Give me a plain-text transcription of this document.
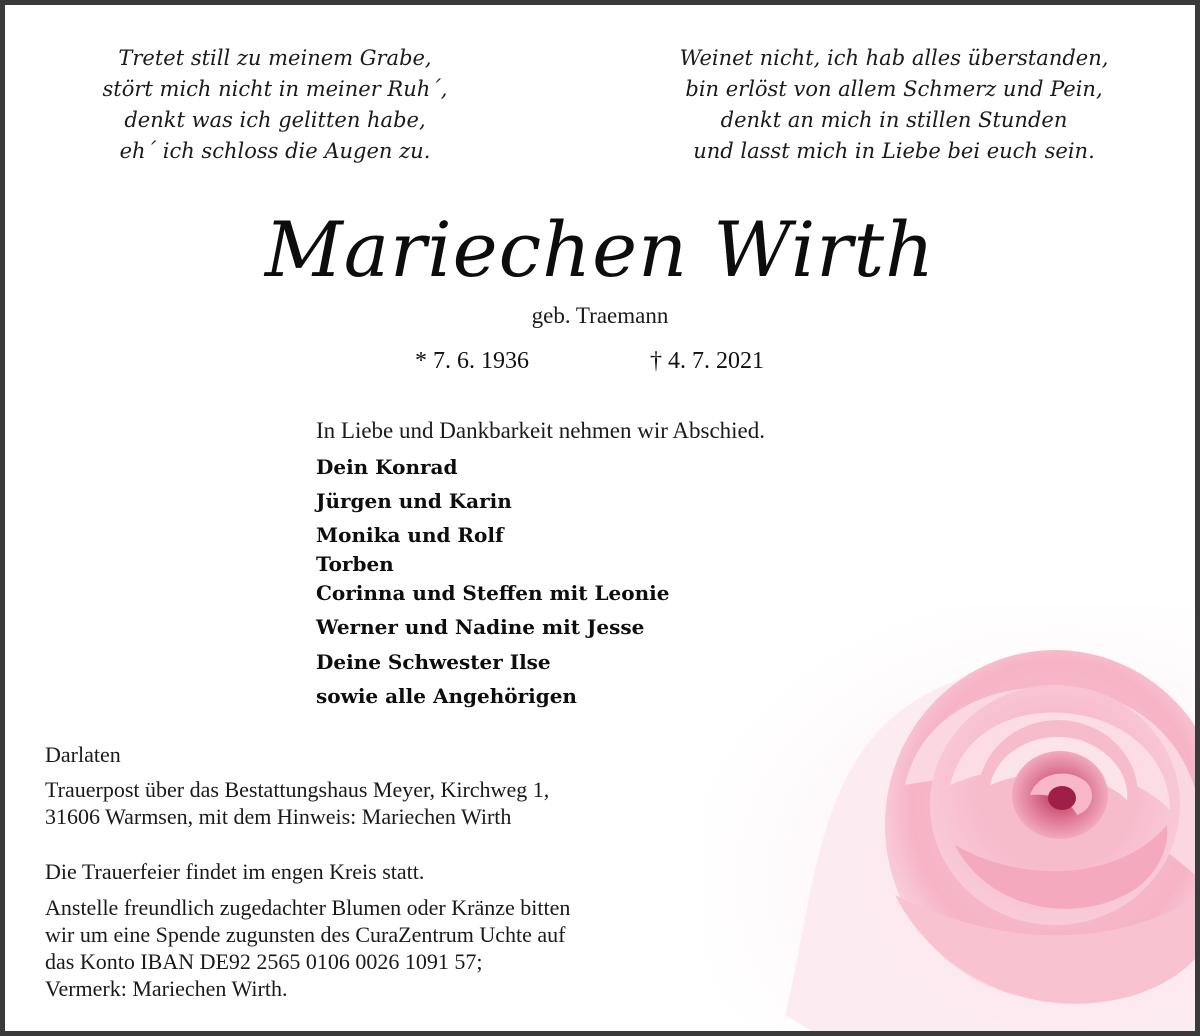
Tretet still zu meinem Grabe,
stört mich nicht in meiner Ruh´,
denkt was ich gelitten habe,
eh´ ich schloss die Augen zu.
Weinet nicht, ich hab alles überstanden,
bin erlöst von allem Schmerz und Pein,
denkt an mich in stillen Stunden
und lasst mich in Liebe bei euch sein.
Mariechen Wirth
geb. Traemann
* 7. 6. 1936	† 4. 7. 2021
In Liebe und Dankbarkeit nehmen wir Abschied.
Dein Konrad
Jürgen und Karin
Monika und Rolf
Torben
Corinna und Steffen mit Leonie
Werner und Nadine mit Jesse
Deine Schwester Ilse
sowie alle Angehörigen
Darlaten
Trauerpost über das Bestattungshaus Meyer, Kirchweg 1,
31606 Warmsen, mit dem Hinweis: Mariechen Wirth
Die Trauerfeier findet im engen Kreis statt.
Anstelle freundlich zugedachter Blumen oder Kränze bitten
wir um eine Spende zugunsten des CuraZentrum Uchte auf
das Konto IBAN DE92 2565 0106 0026 1091 57;
Vermerk: Mariechen Wirth.
